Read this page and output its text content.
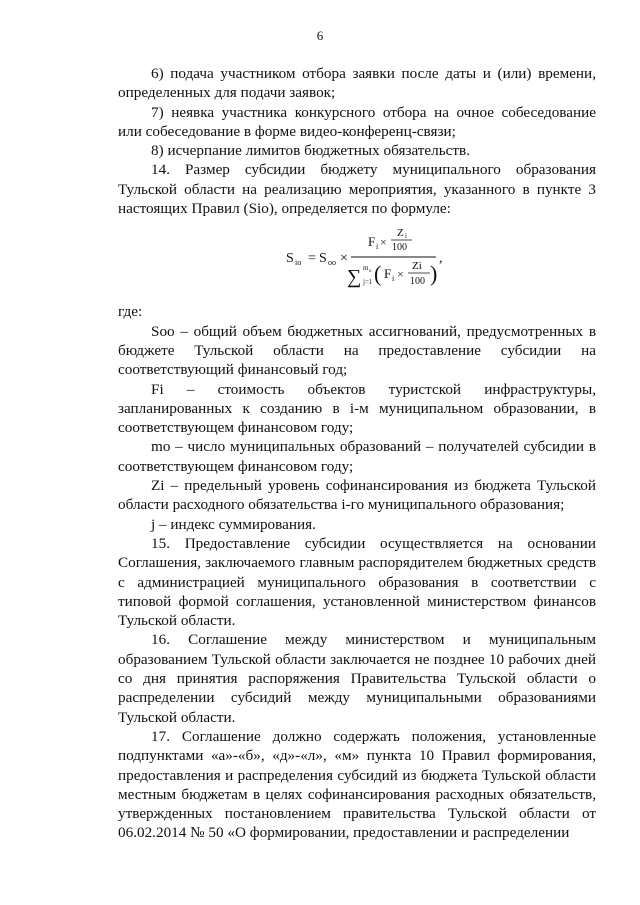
6

6) подача участником отбора заявки после даты и (или) времени, определенных для подачи заявок;

7) неявка участника конкурсного отбора на очное собеседование или собеседование в форме видео-конференц-связи;

8) исчерпание лимитов бюджетных обязательств.

14. Размер субсидии бюджету муниципального образования Тульской области на реализацию мероприятия, указанного в пункте 3 настоящих Правил (Sio), определяется по формуле:

S io = S oo ×
F i ×
Z i
100
∑ m o
j=1 ( F i ×
Zi
100 )
,

где:

Soo – общий объем бюджетных ассигнований, предусмотренных в бюджете Тульской области на предоставление субсидии на соответствующий финансовый год;

Fi – стоимость объектов туристской инфраструктуры, запланированных к созданию в i-м муниципальном образовании, в соответствующем финансовом году;

mo – число муниципальных образований – получателей субсидии в соответствующем финансовом году;

Zi – предельный уровень софинансирования из бюджета Тульской области расходного обязательства i-го муниципального образования;

j – индекс суммирования.

15. Предоставление субсидии осуществляется на основании Соглашения, заключаемого главным распорядителем бюджетных средств с администрацией муниципального образования в соответствии с типовой формой соглашения, установленной министерством финансов Тульской области.

16. Соглашение между министерством и муниципальным образованием Тульской области заключается не позднее 10 рабочих дней со дня принятия распоряжения Правительства Тульской области о распределении субсидий между муниципальными образованиями Тульской области.

17. Соглашение должно содержать положения, установленные подпунктами «а»-«б», «д»-«л», «м» пункта 10 Правил формирования, предоставления и распределения субсидий из бюджета Тульской области местным бюджетам в целях софинансирования расходных обязательств, утвержденных постановлением правительства Тульской области от 06.02.2014 № 50 «О формировании, предоставлении и распределении
